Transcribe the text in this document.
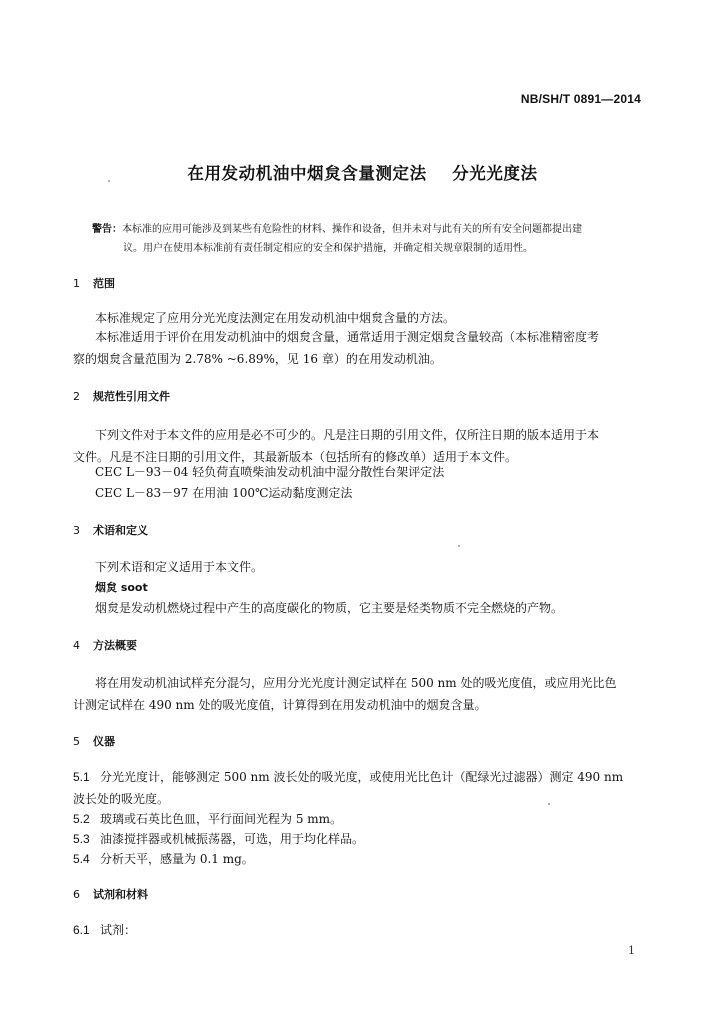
NB/SH/T 0891—2014
在用发动机油中烟炱含量测定法    分光光度法
警告：本标准的应用可能涉及到某些有危险性的材料、操作和设备，但并未对与此有关的所有安全问题都提出建
议。用户在使用本标准前有责任制定相应的安全和保护措施，并确定相关规章限制的适用性。
1 范围
本标准规定了应用分光光度法测定在用发动机油中烟炱含量的方法。
本标准适用于评价在用发动机油中的烟炱含量，通常适用于测定烟炱含量较高（本标准精密度考
察的烟炱含量范围为 2.78% ~6.89%，见 16 章）的在用发动机油。
2 规范性引用文件
下列文件对于本文件的应用是必不可少的。凡是注日期的引用文件，仅所注日期的版本适用于本
文件。凡是不注日期的引用文件，其最新版本（包括所有的修改单）适用于本文件。
CEC L－93－04 轻负荷直喷柴油发动机油中湿分散性台架评定法
CEC L－83－97 在用油 100℃运动黏度测定法
3 术语和定义
下列术语和定义适用于本文件。
烟炱 soot
烟炱是发动机燃烧过程中产生的高度碳化的物质，它主要是烃类物质不完全燃烧的产物。
4 方法概要
将在用发动机油试样充分混匀，应用分光光度计测定试样在 500 nm 处的吸光度值，或应用光比色
计测定试样在 490 nm 处的吸光度值，计算得到在用发动机油中的烟炱含量。
5 仪器
5.1 分光光度计，能够测定 500 nm 波长处的吸光度，或使用光比色计（配绿光过滤器）测定 490 nm
波长处的吸光度。
5.2 玻璃或石英比色皿，平行面间光程为 5 mm。
5.3 油漆搅拌器或机械振荡器，可选，用于均化样品。
5.4 分析天平，感量为 0.1 mg。
6 试剂和材料
6.1 试剂：
1
